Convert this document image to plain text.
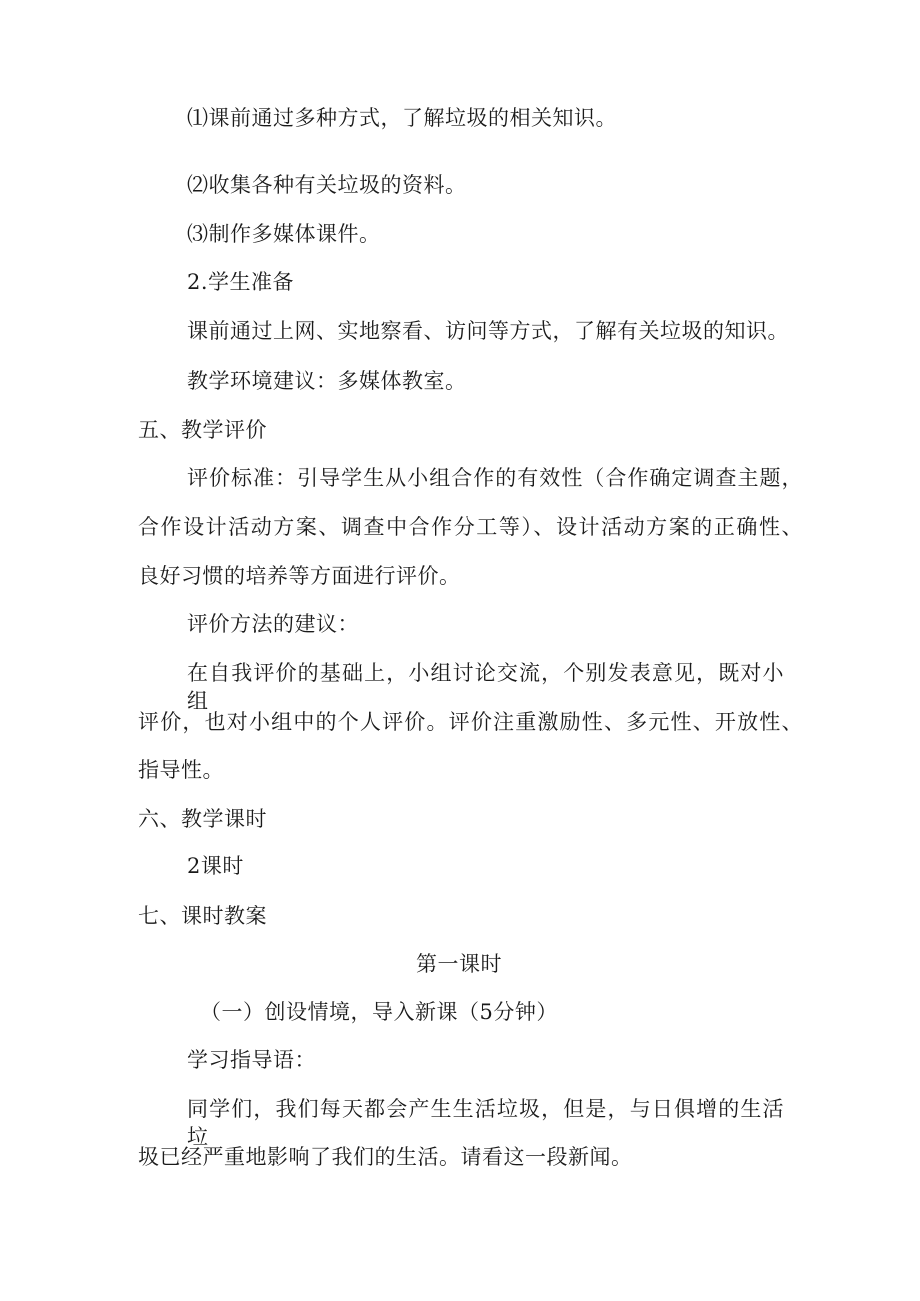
⑴课前通过多种方式，了解垃圾的相关知识。
⑵收集各种有关垃圾的资料。
⑶制作多媒体课件。
2.学生准备
课前通过上网、实地察看、访问等方式，了解有关垃圾的知识。
教学环境建议：多媒体教室。
五、教学评价
评价标准：引导学生从小组合作的有效性（合作确定调查主题，
合作设计活动方案、调查中合作分工等）、设计活动方案的正确性、
良好习惯的培养等方面进行评价。
评价方法的建议：
在自我评价的基础上，小组讨论交流，个别发表意见，既对小组
评价，也对小组中的个人评价。评价注重激励性、多元性、开放性、
指导性。
六、教学课时
2课时
七、课时教案
第一课时
（一）创设情境，导入新课（5分钟）
学习指导语：
同学们，我们每天都会产生生活垃圾，但是，与日俱增的生活垃
圾已经严重地影响了我们的生活。请看这一段新闻。
